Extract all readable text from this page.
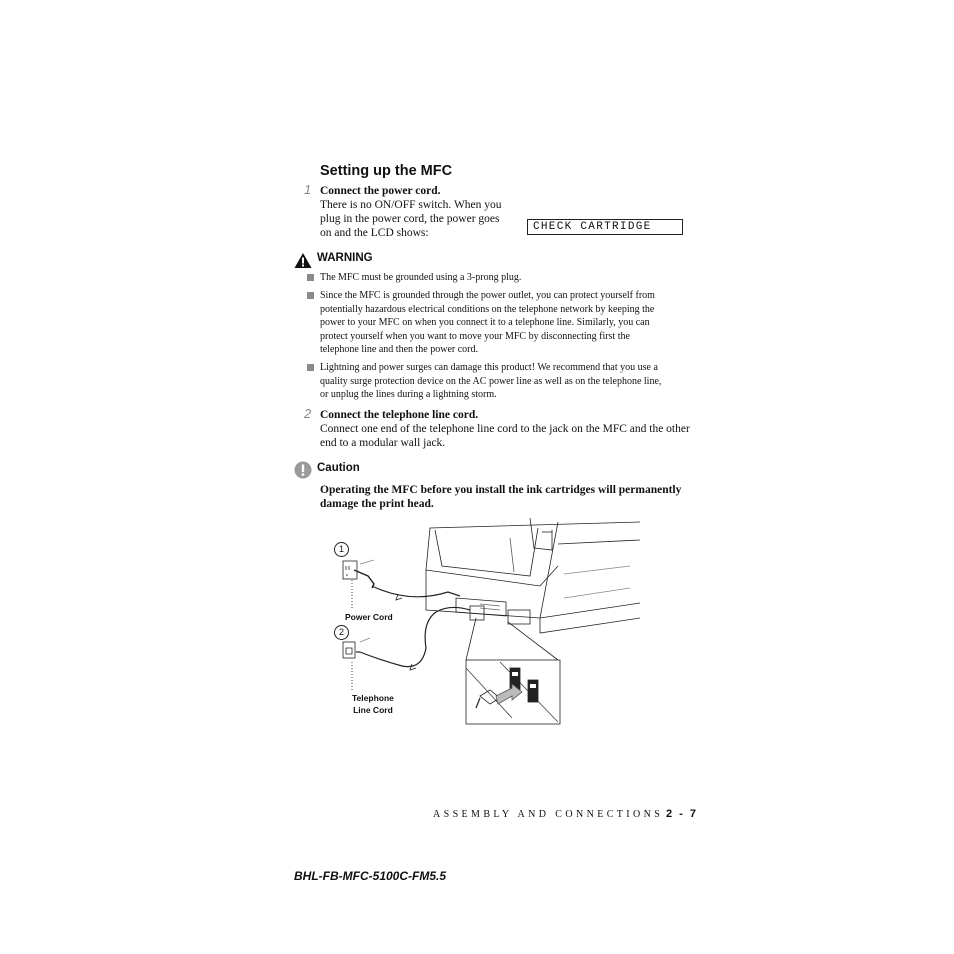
Setting up the MFC
1 Connect the power cord.
There is no ON/OFF switch. When you
plug in the power cord, the power goes
on and the LCD shows:	CHECK CARTRIDGE
WARNING
The MFC must be grounded using a 3-prong plug.
Since the MFC is grounded through the power outlet, you can protect yourself from
potentially hazardous electrical conditions on the telephone network by keeping the
power to your MFC on when you connect it to a telephone line. Similarly, you can
protect yourself when you want to move your MFC by disconnecting first the
telephone line and then the power cord.
Lightning and power surges can damage this product! We recommend that you use a
quality surge protection device on the AC power line as well as on the telephone line,
or unplug the lines during a lightning storm.
2 Connect the telephone line cord.
Connect one end of the telephone line cord to the jack on the MFC and the other
end to a modular wall jack.
Caution
Operating the MFC before you install the ink cartridges will permanently
damage the print head.
1
2
Power Cord
Telephone
Line Cord
ASSEMBLY AND CONNECTIONS 2 - 7
BHL-FB-MFC-5100C-FM5.5
